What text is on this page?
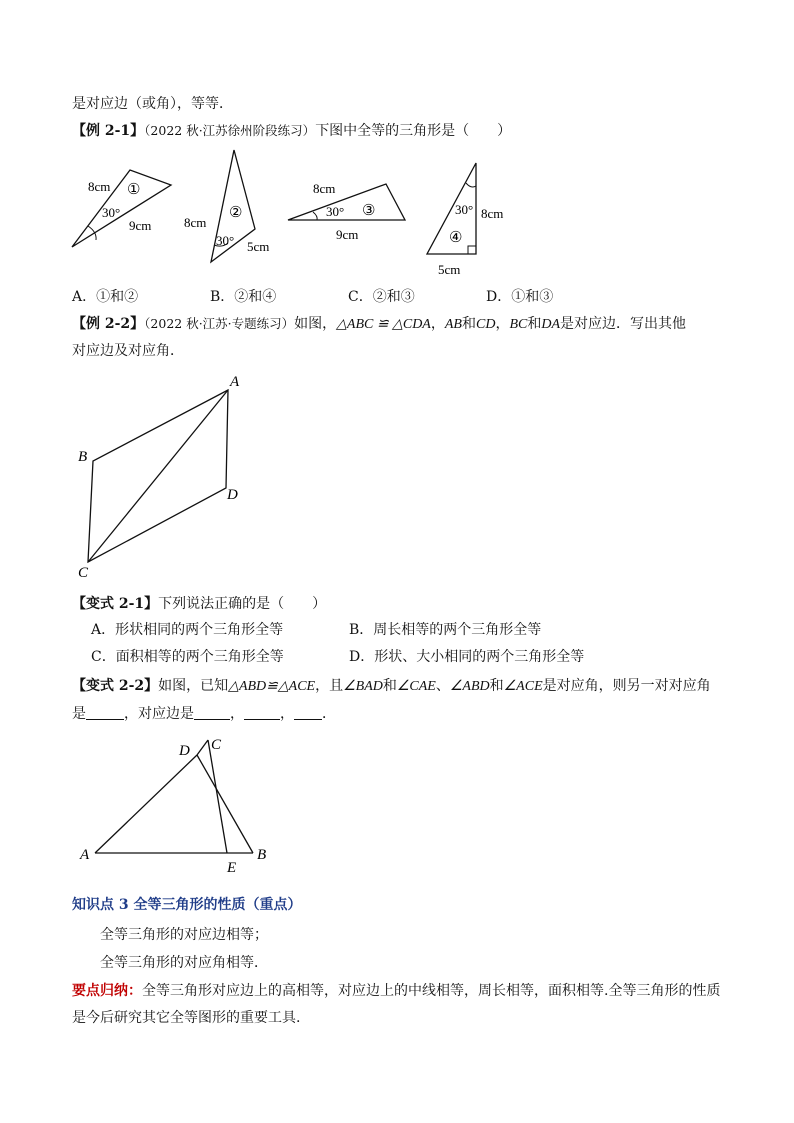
是对应边（或角），等等．
【例 2-1】（2022 秋·江苏徐州阶段练习）下图中全等的三角形是（　　）
8cm
30°
9cm
①
8cm
30° 5cm
②
8cm
30°
9cm
③	30° 8cm
5cm
④
A．①和②	B．②和④	C．②和③	D．①和③
【例 2-2】（2022 秋·江苏·专题练习）如图，△ABC ≌ △CDA，AB和CD，BC和DA是对应边．写出其他
对应边及对应角．
A
B
C
D
【变式 2-1】下列说法正确的是（　　）
A．形状相同的两个三角形全等	B．周长相等的两个三角形全等
C．面积相等的两个三角形全等	D．形状、大小相同的两个三角形全等
【变式 2-2】如图，已知△ABD≌△ACE，且∠BAD和∠CAE、∠ABD和∠ACE是对应角，则另一对对应角
是	，对应边是	，	， ．
D C
A
E
B
知识点 3 全等三角形的性质（重点）
全等三角形的对应边相等；
全等三角形的对应角相等．
要点归纳：全等三角形对应边上的高相等，对应边上的中线相等，周长相等，面积相等.全等三角形的性质
是今后研究其它全等图形的重要工具.
